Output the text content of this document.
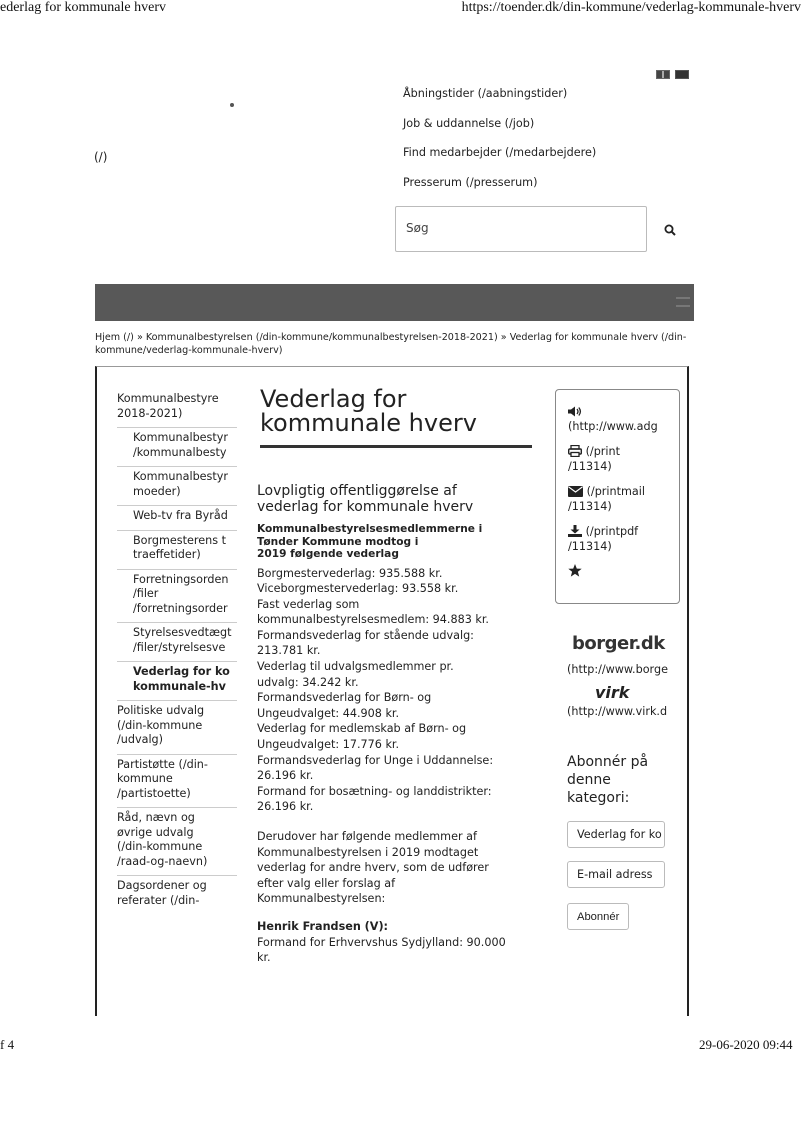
ederlag for kommunale hverv	https://toender.dk/din-kommune/vederlag-kommunale-hverv
f 4	29-06-2020 09:44
(/)
Åbningstider (/aabningstider)
Job & uddannelse (/job)
Find medarbejder (/medarbejdere)
Presserum (/presserum)
Søg
Hjem (/) » Kommunalbestyrelsen (/din-kommune/kommunalbestyrelsen-2018-2021) » Vederlag for kommunale hverv (/din-kommune/vederlag-kommunale-hverv)
Kommunalbestyre
2018-2021)
Kommunalbestyr
/kommunalbesty
Kommunalbestyr
moeder)
Web-tv fra Byråd
Borgmesterens t
traeffetider)
Forretningsorden
/filer
/forretningsorder
Styrelsesvedtægt
/filer/styrelsesve
Vederlag for ko
kommunale-hv
Politiske udvalg
(/din-kommune
/udvalg)
Partistøtte (/din-
kommune
/partistoette)
Råd, nævn og
øvrige udvalg
(/din-kommune
/raad-og-naevn)
Dagsordener og
referater (/din-
Vederlag for
kommunale hverv
Lovpligtig offentliggørelse af
vederlag for kommunale hverv
Kommunalbestyrelsesmedlemmerne i
Tønder Kommune modtog i
2019 følgende vederlag
Borgmestervederlag: 935.588 kr.
Viceborgmestervederlag: 93.558 kr.
Fast vederlag som
kommunalbestyrelsesmedlem: 94.883 kr.
Formandsvederlag for stående udvalg:
213.781 kr.
Vederlag til udvalgsmedlemmer pr.
udvalg: 34.242 kr.
Formandsvederlag for Børn- og
Ungeudvalget: 44.908 kr.
Vederlag for medlemskab af Børn- og
Ungeudvalget: 17.776 kr.
Formandsvederlag for Unge i Uddannelse:
26.196 kr.
Formand for bosætning- og landdistrikter:
26.196 kr.
Derudover har følgende medlemmer af
Kommunalbestyrelsen i 2019 modtaget
vederlag for andre hverv, som de udfører
efter valg eller forslag af
Kommunalbestyrelsen:
Henrik Frandsen (V):
Formand for Erhvervshus Sydjylland: 90.000
kr.

(http://www.adg
(/print
/11314)
(/printmail
/11314)
(/printpdf
/11314)
borger.dk
(http://www.borge
virk
(http://www.virk.d
Abonnér på
denne
kategori:
Vederlag for ko
E-mail adress
Abonnér
